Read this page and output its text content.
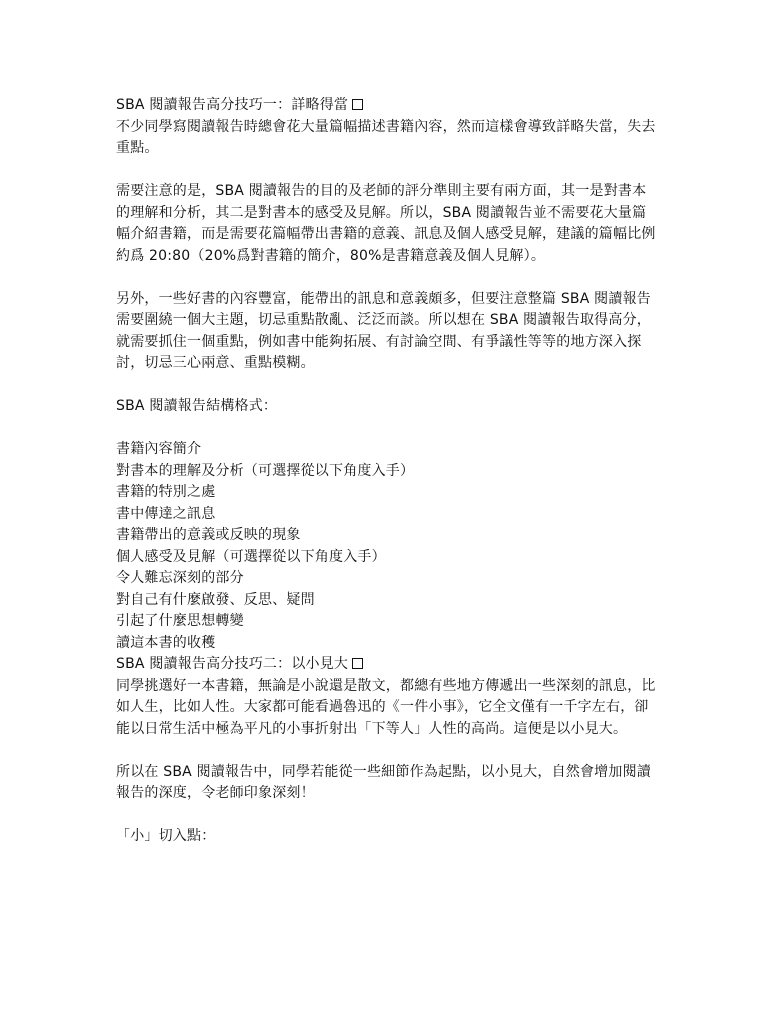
SBA 閱讀報告高分技巧一：詳略得當

不少同學寫閱讀報告時總會花大量篇幅描述書籍內容，然而這樣會導致詳略失當，失去重點。

需要注意的是，SBA 閱讀報告的目的及老師的評分準則主要有兩方面，其一是對書本的理解和分析，其二是對書本的感受及見解。所以，SBA 閱讀報告並不需要花大量篇幅介紹書籍，而是需要花篇幅帶出書籍的意義、訊息及個人感受見解，建議的篇幅比例約爲 20:80（20%爲對書籍的簡介，80%是書籍意義及個人見解）。

另外，一些好書的內容豐富，能帶出的訊息和意義頗多，但要注意整篇 SBA 閱讀報告需要圍繞一個大主題，切忌重點散亂、泛泛而談。所以想在 SBA 閱讀報告取得高分，就需要抓住一個重點，例如書中能夠拓展、有討論空間、有爭議性等等的地方深入探討，切忌三心兩意、重點模糊。

SBA 閱讀報告結構格式：

書籍內容簡介

對書本的理解及分析（可選擇從以下角度入手）

書籍的特別之處

書中傳達之訊息

書籍帶出的意義或反映的現象

個人感受及見解（可選擇從以下角度入手）

令人難忘深刻的部分

對自己有什麼啟發、反思、疑問

引起了什麼思想轉變

讀這本書的收穫

SBA 閱讀報告高分技巧二：以小見大

同學挑選好一本書籍，無論是小說還是散文，都總有些地方傳遞出一些深刻的訊息，比如人生，比如人性。大家都可能看過魯迅的《一件小事》，它全文僅有一千字左右，卻能以日常生活中極為平凡的小事折射出「下等人」人性的高尚。這便是以小見大。

所以在 SBA 閱讀報告中，同學若能從一些細節作為起點，以小見大，自然會增加閱讀報告的深度，令老師印象深刻！

「小」切入點：
